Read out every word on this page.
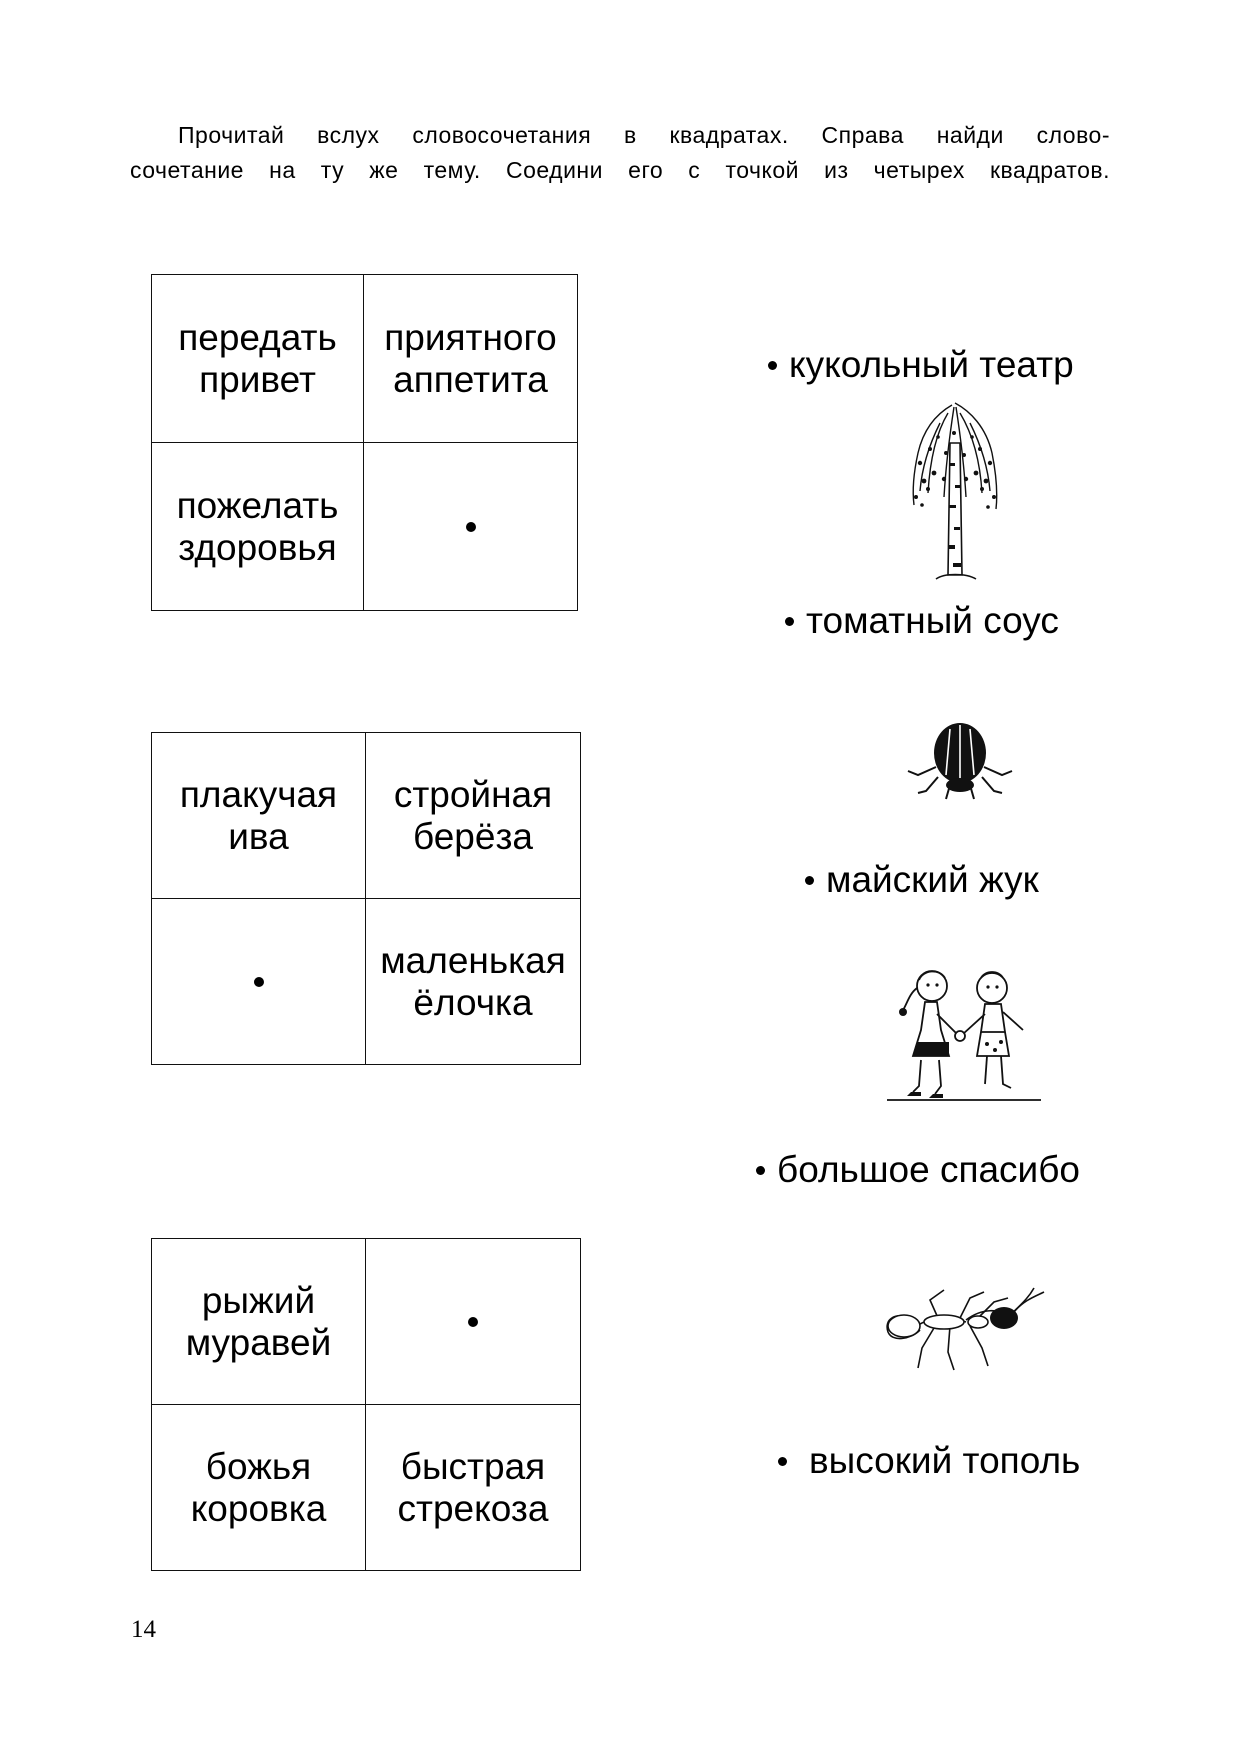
Прочитай вслух словосочетания в квадратах. Справа найди слово-
сочетание на ту же тему. Соедини его с точкой из четырех квадратов.

передать
привет
приятного
аппетита
пожелать
здоровья
плакучая
ива
стройная
берёза
маленькая
ёлочка
рыжий
муравей
божья
коровка
быстрая
стрекоза
кукольный театр
томатный соус
майский жук
большое спасибо
высокий тополь
14
